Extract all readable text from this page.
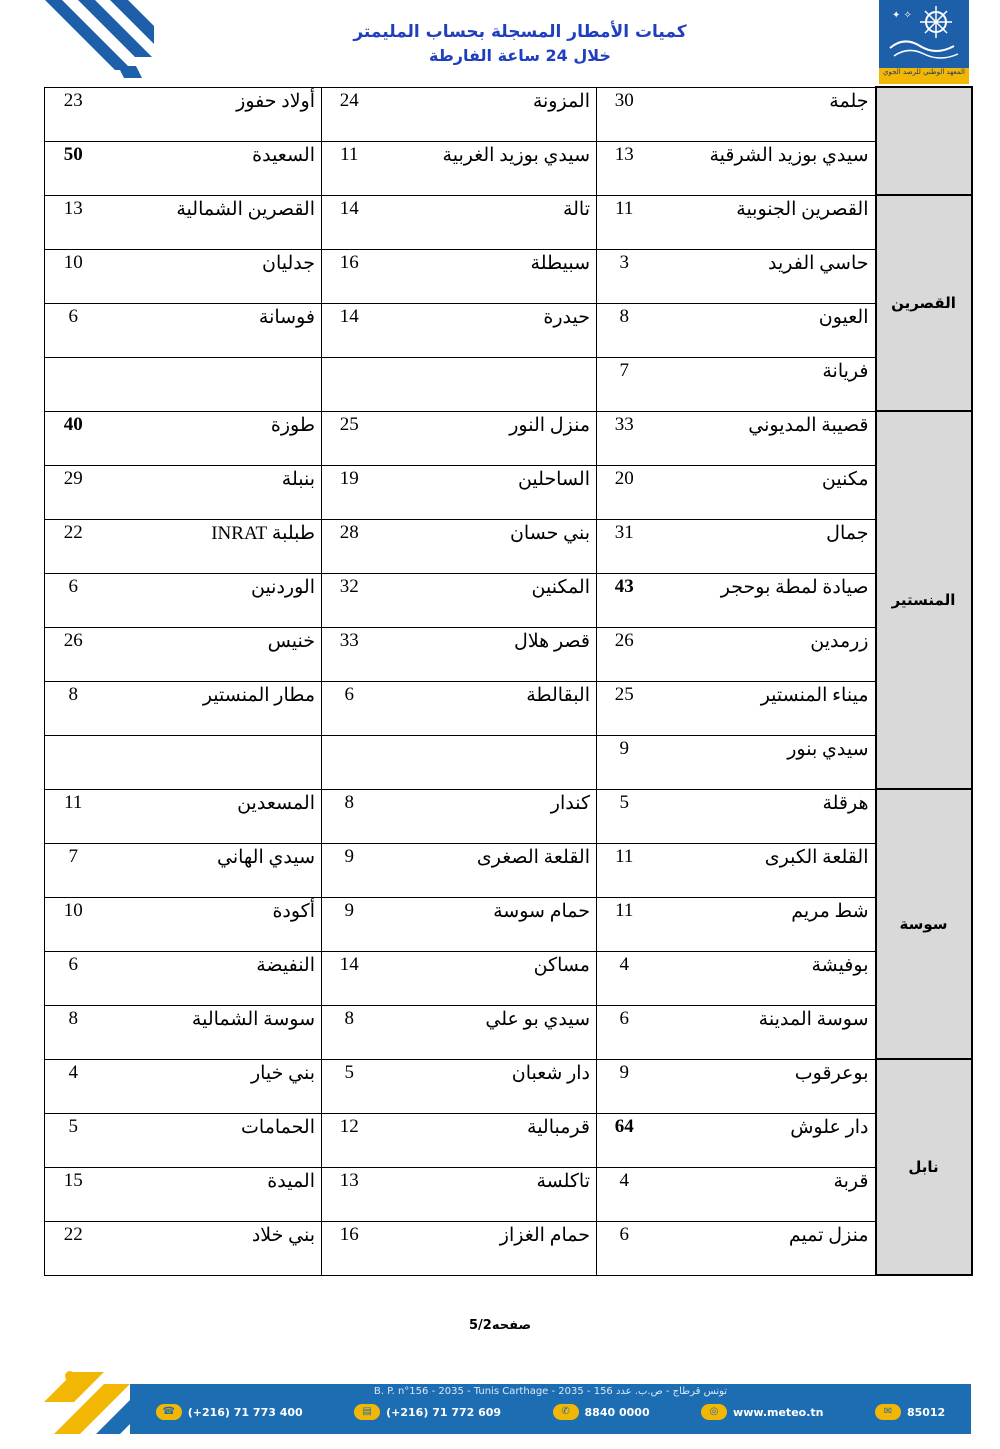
كميات الأمطار المسجلة بحساب المليمتر
خلال 24 ساعة الفارطة
✦ ✧
المعهد الوطني للرصد الجوي
	جلمة	30	المزونة	24	أولاد حفوز	23
	سيدي بوزيد الشرقية	13	سيدي بوزيد الغربية	11	السعيدة	50
القصرين	القصرين الجنوبية	11	تالة	14	القصرين الشمالية	13
	حاسي الفريد	3	سبيطلة	16	جدليان	10
	العيون	8	حيدرة	14	فوسانة	6
	فريانة	7				
المنستير	قصيبة المديوني	33	منزل النور	25	طوزة	40
	مكنين	20	الساحلين	19	بنبلة	29
	جمال	31	بني حسان	28	طبلبة INRAT	22
	صيادة لمطة بوحجر	43	المكنين	32	الوردنين	6
	زرمدين	26	قصر هلال	33	خنيس	26
	ميناء المنستير	25	البقالطة	6	مطار المنستير	8
	سيدي بنور	9				
سوسة	هرقلة	5	كندار	8	المسعدين	11
	القلعة الكبرى	11	القلعة الصغرى	9	سيدي الهاني	7
	شط مريم	11	حمام سوسة	9	أكودة	10
	بوفيشة	4	مساكن	14	النفيضة	6
	سوسة المدينة	6	سيدي بو علي	8	سوسة الشمالية	8
نابل	بوعرقوب	9	دار شعبان	5	بني خيار	4
	دار علوش	64	قرمبالية	12	الحمامات	5
	قربة	4	تاكلسة	13	الميدة	15
	منزل تميم	6	حمام الغزاز	16	بني خلاد	22
صفحه5/2
B. P. n°156 - 2035 - Tunis Carthage - 2035 - تونس قرطاج - ص.ب. عدد 156
☎	(+216) 71 773 400	▤	(+216) 71 772 609	✆	8840 0000	◎	www.meteo.tn	✉	85012
